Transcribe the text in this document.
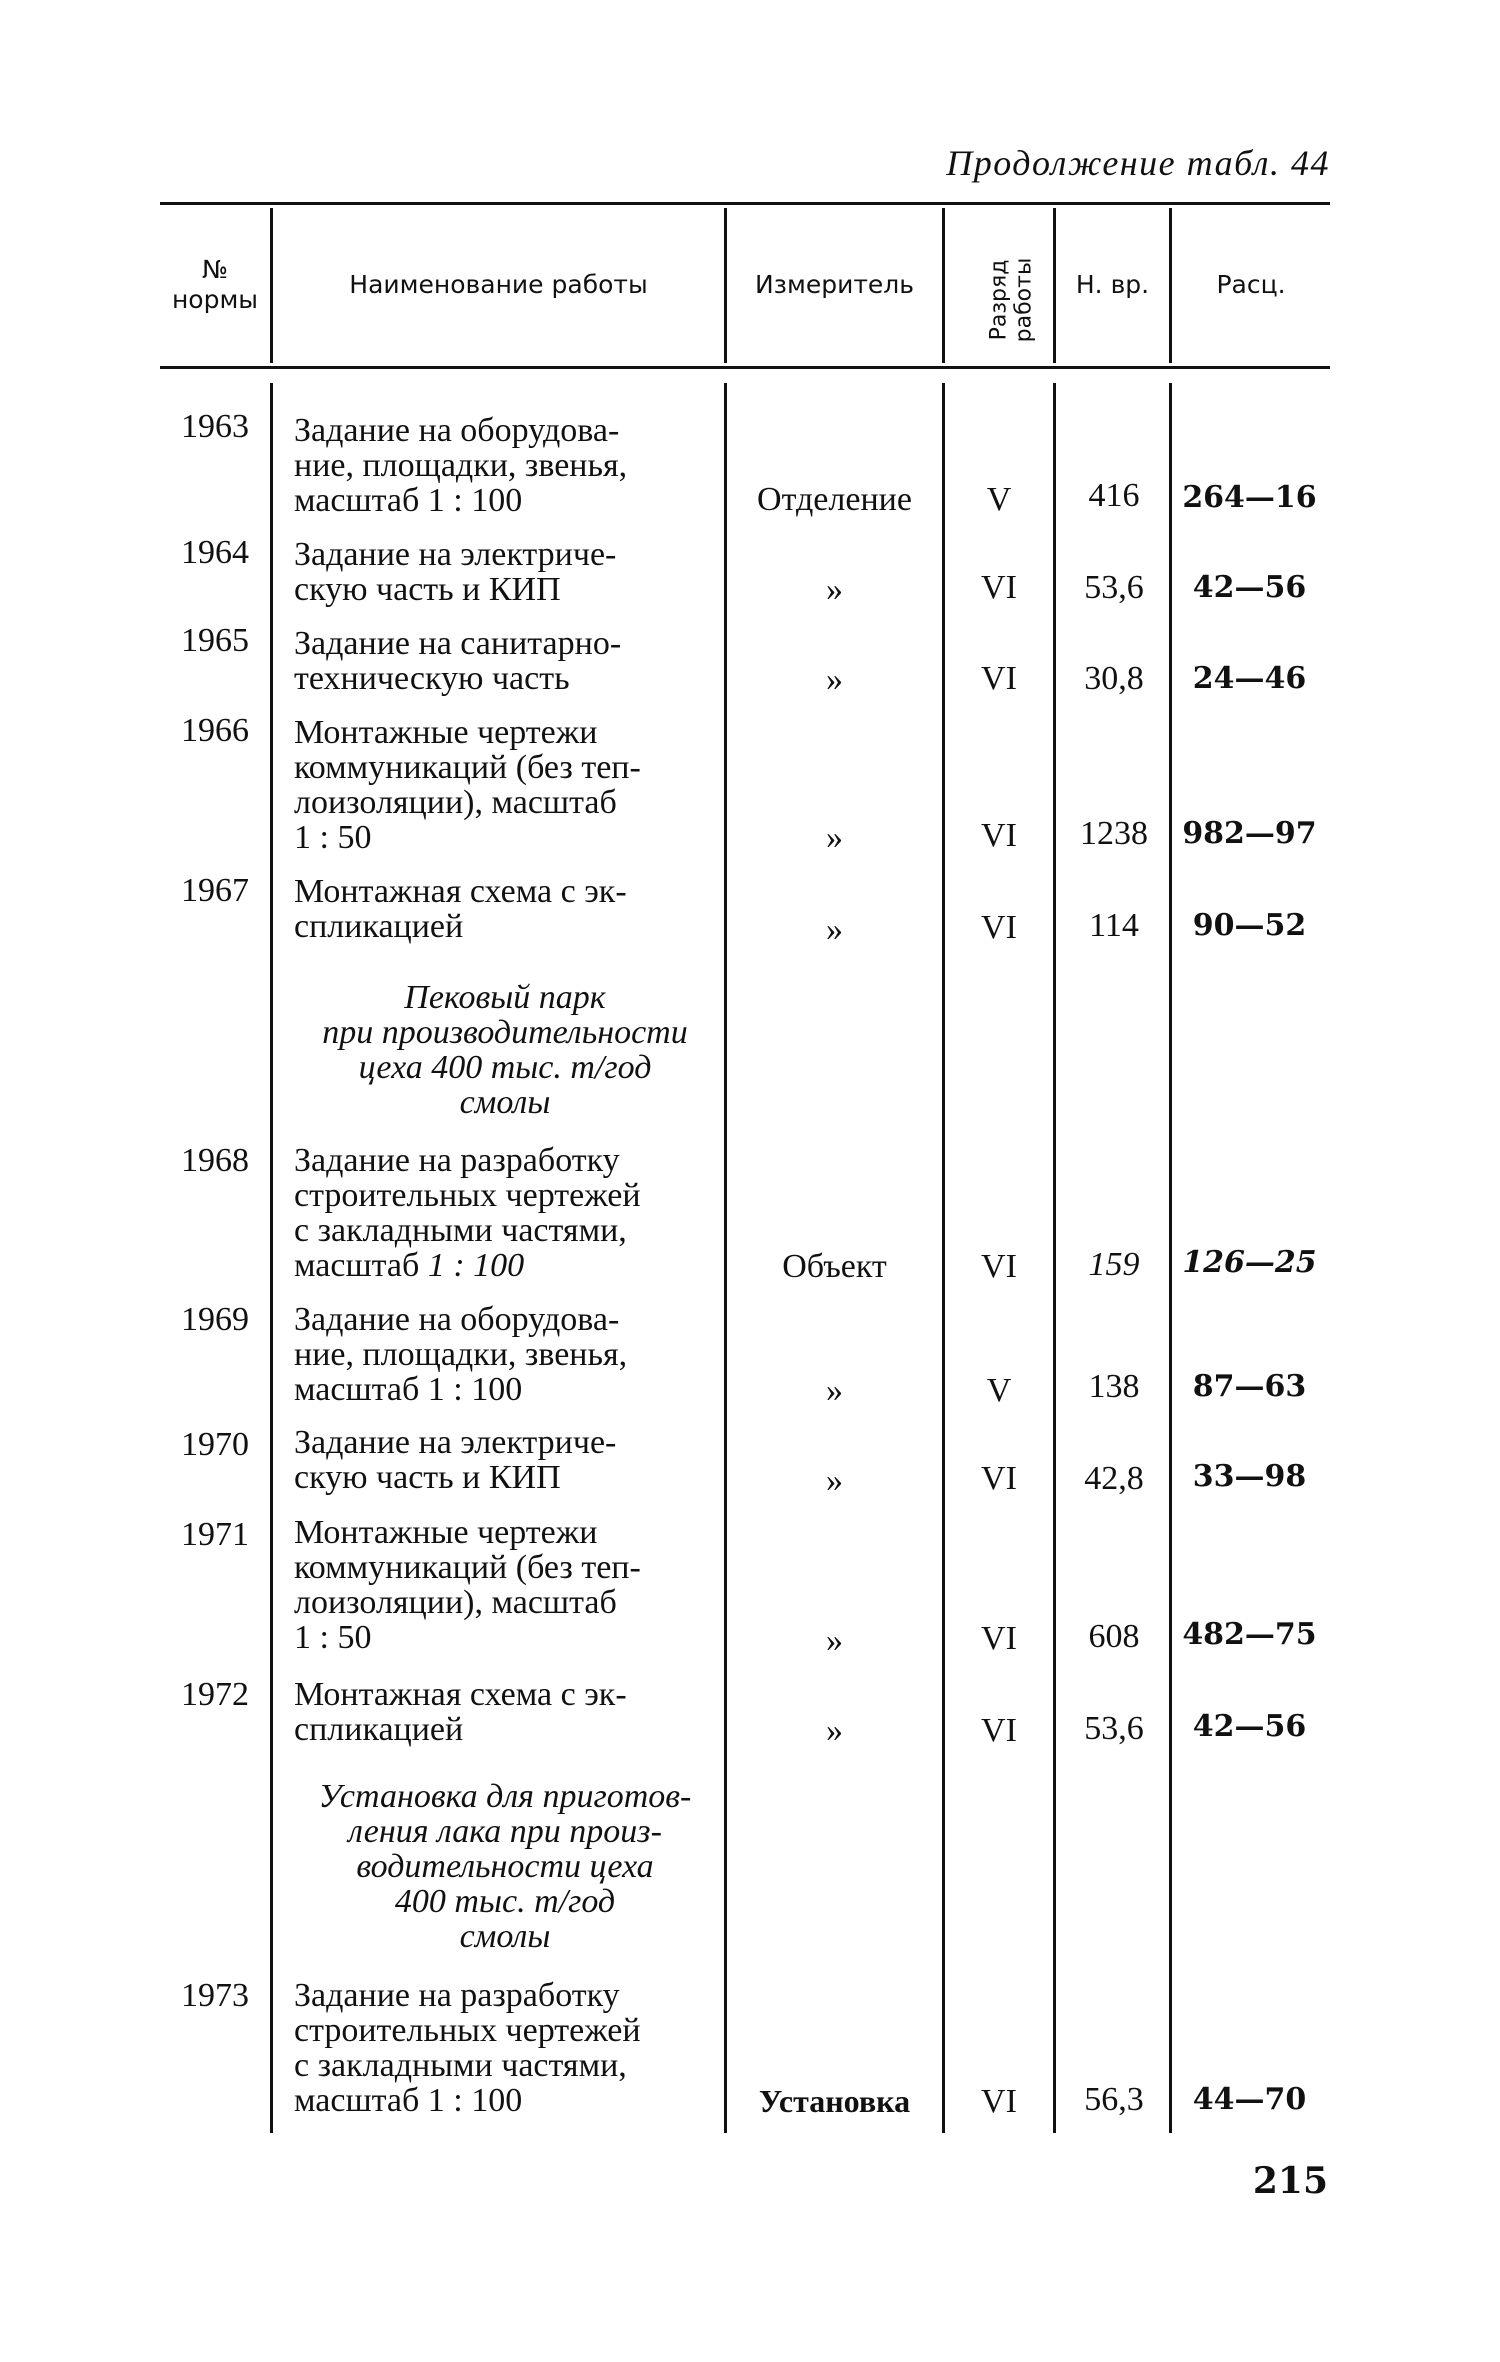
Продолжение табл. 44
№
нормы
Наименование работы	Измеритель	Разряд
работы	Н. вр.	Расц.
1963	Задание на оборудова-
ние, площадки, звенья,
масштаб 1 : 100	Отделение	V	416	264—16
1964	Задание на электриче-
скую часть и КИП	»	VI	53,6	42—56
1965	Задание на санитарно-
техническую часть	»	VI	30,8	24—46
1966	Монтажные чертежи
коммуникаций (без теп-
лоизоляции), масштаб
1 : 50	»	VI	1238	982—97
1967	Монтажная схема с эк-
спликацией	»	VI	114	90—52
Пековый парк
при производительности
цеха 400 тыс. т/год
смолы
1968	Задание на разработку
строительных чертежей
с закладными частями,
масштаб 1 : 100	Объект	VI	159	126—25
1969	Задание на оборудова-
ние, площадки, звенья,
масштаб 1 : 100	»	V	138	87—63
1970	Задание на электриче-
скую часть и КИП	»	VI	42,8	33—98
1971	Монтажные чертежи
коммуникаций (без теп-
лоизоляции), масштаб
1 : 50	»	VI	608	482—75
1972	Монтажная схема с эк-
спликацией	»	VI	53,6	42—56
Установка для приготов-
ления лака при произ-
водительности цеха
400 тыс. т/год
смолы
1973	Задание на разработку
строительных чертежей
с закладными частями,
масштаб 1 : 100	Установка	VI	56,3	44—70
215
